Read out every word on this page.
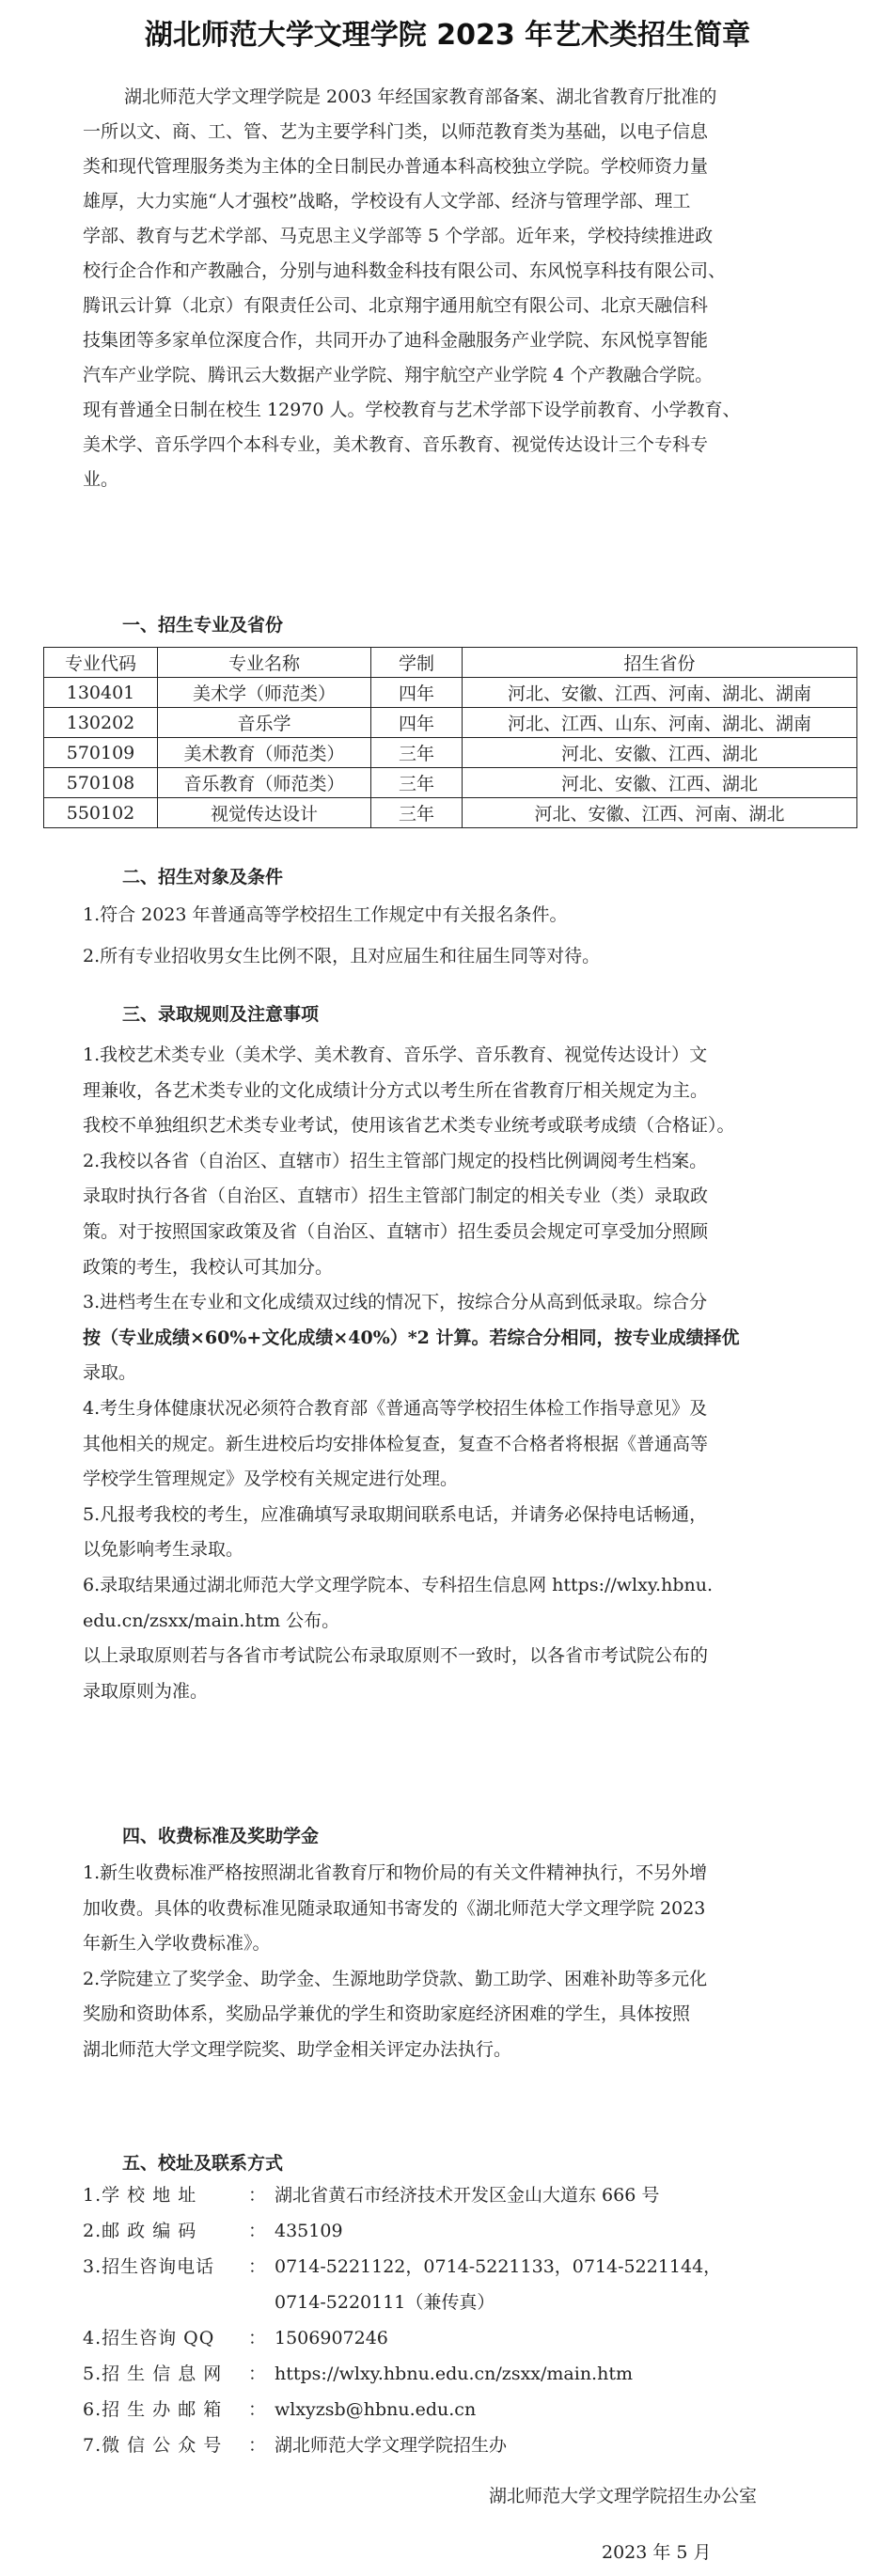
湖北师范大学文理学院 2023 年艺术类招生简章
湖北师范大学文理学院是 2003 年经国家教育部备案、湖北省教育厅批准的
一所以文、商、工、管、艺为主要学科门类，以师范教育类为基础，以电子信息
类和现代管理服务类为主体的全日制民办普通本科高校独立学院。学校师资力量
雄厚，大力实施“人才强校”战略，学校设有人文学部、经济与管理学部、理工
学部、教育与艺术学部、马克思主义学部等 5 个学部。近年来，学校持续推进政
校行企合作和产教融合，分别与迪科数金科技有限公司、东风悦享科技有限公司、
腾讯云计算（北京）有限责任公司、北京翔宇通用航空有限公司、北京天融信科
技集团等多家单位深度合作，共同开办了迪科金融服务产业学院、东风悦享智能
汽车产业学院、腾讯云大数据产业学院、翔宇航空产业学院 4 个产教融合学院。
现有普通全日制在校生 12970 人。学校教育与艺术学部下设学前教育、小学教育、
美术学、音乐学四个本科专业，美术教育、音乐教育、视觉传达设计三个专科专
业。
一、招生专业及省份
专业代码	专业名称	学制	招生省份
130401	美术学（师范类）	四年	河北、安徽、江西、河南、湖北、湖南
130202	音乐学	四年	河北、江西、山东、河南、湖北、湖南
570109	美术教育（师范类）	三年	河北、安徽、江西、湖北
570108	音乐教育（师范类）	三年	河北、安徽、江西、湖北
550102	视觉传达设计	三年	河北、安徽、江西、河南、湖北
二、招生对象及条件
1.符合 2023 年普通高等学校招生工作规定中有关报名条件。
2.所有专业招收男女生比例不限，且对应届生和往届生同等对待。
三、录取规则及注意事项
1.我校艺术类专业（美术学、美术教育、音乐学、音乐教育、视觉传达设计）文
理兼收，各艺术类专业的文化成绩计分方式以考生所在省教育厅相关规定为主。
我校不单独组织艺术类专业考试，使用该省艺术类专业统考或联考成绩（合格证）。
2.我校以各省（自治区、直辖市）招生主管部门规定的投档比例调阅考生档案。
录取时执行各省（自治区、直辖市）招生主管部门制定的相关专业（类）录取政
策。对于按照国家政策及省（自治区、直辖市）招生委员会规定可享受加分照顾
政策的考生，我校认可其加分。
3.进档考生在专业和文化成绩双过线的情况下，按综合分从高到低录取。综合分
按（专业成绩×60%+文化成绩×40%）*2 计算。若综合分相同，按专业成绩择优
录取。
4.考生身体健康状况必须符合教育部《普通高等学校招生体检工作指导意见》及
其他相关的规定。新生进校后均安排体检复查，复查不合格者将根据《普通高等
学校学生管理规定》及学校有关规定进行处理。
5.凡报考我校的考生，应准确填写录取期间联系电话，并请务必保持电话畅通，
以免影响考生录取。
6.录取结果通过湖北师范大学文理学院本、专科招生信息网 https://wlxy.hbnu.
edu.cn/zsxx/main.htm 公布。
以上录取原则若与各省市考试院公布录取原则不一致时，以各省市考试院公布的
录取原则为准。
四、收费标准及奖助学金
1.新生收费标准严格按照湖北省教育厅和物价局的有关文件精神执行，不另外增
加收费。具体的收费标准见随录取通知书寄发的《湖北师范大学文理学院 2023
年新生入学收费标准》。
2.学院建立了奖学金、助学金、生源地助学贷款、勤工助学、困难补助等多元化
奖励和资助体系，奖励品学兼优的学生和资助家庭经济困难的学生，具体按照
湖北师范大学文理学院奖、助学金相关评定办法执行。
五、校址及联系方式
1.学 校 地 址	： 湖北省黄石市经济技术开发区金山大道东 666 号
2.邮 政 编 码	： 435109
3.招生咨询电话	： 0714-5221122，0714-5221133，0714-5221144，
0714-5220111（兼传真）
4.招生咨询 QQ	： 1506907246
5.招 生 信 息 网	： https://wlxy.hbnu.edu.cn/zsxx/main.htm
6.招 生 办 邮 箱	： wlxyzsb@hbnu.edu.cn
7.微 信 公 众 号	： 湖北师范大学文理学院招生办
湖北师范大学文理学院招生办公室
2023 年 5 月
